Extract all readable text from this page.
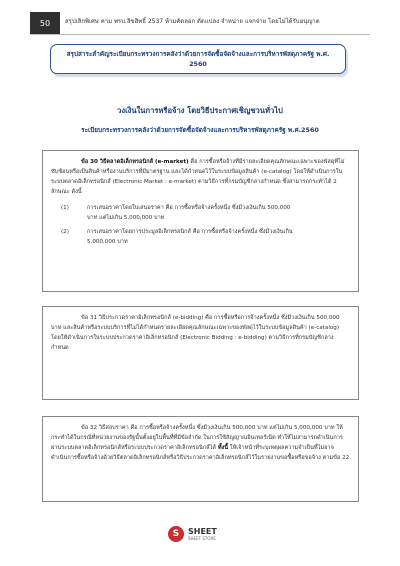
50	สรุปเลิกพิเศษ คาม พรบ.ลิขสิทธิ์ 2537 ห้ามคัดลอก ดัดแปลง จำหน่าย แจกจ่าย โดยไม่ได้รับอนุญาต
สรุปสาระสำคัญระเบียบกระทรวงการคลังว่าด้วยการจัดซื้อจัดจ้างและการบริหารพัสดุภาครัฐ พ.ศ. 2560
วงเงินในการหรือจ้าง โดยวิธีประกาศเชิญชวนทั่วไป
ระเบียบกระทรวงการคลังว่าด้วยการจัดซื้อจัดจ้างและการบริหารพัสดุภาครัฐ พ.ศ.2560

ข้อ 30 วิธีตลาดอิเล็กทรอนิกส์ (e-market) คือ การซื้อหรือจ้างที่มีรายละเอียดคุณลักษณะเฉพาะของพัสดุที่ไม่ซับซ้อนหรือเป็นสินค้าหรืองานบริการที่มีมาตรฐาน และได้กำหนดไว้ในระบบข้อมูลสินค้า (e-catalog) โดยให้ดำเนินการในระบบตลาดอิเล็กทรอนิกส์ (Electronic Market : e-market) ตามวิธีการที่กรมบัญชีกลางกำหนด ซึ่งสามารถกระทำได้ 2 ลักษณะ ดังนี้

(1)	การเสนอราคาโดยใบเสนอราคา คือ การซื้อหรือจ้างครั้งหนึ่ง ซึ่งมีวงเงินเกิน 500,000 บาท แต่ไม่เกิน 5,000,000 บาท
(2)	การเสนอราคาโดยการประมูลอิเล็กทรอนิกส์ คือ การซื้อหรือจ้างครั้งหนึ่ง ซึ่งมีวงเงินเกิน 5,000,000 บาท

ข้อ 31 วิธีประกวดราคาอิเล็กทรอนิกส์ (e-bidding) คือ การซื้อหรือการจ้างครั้งหนึ่ง ซึ่งมีวงเงินเกิน 500,000 บาท และสินค้าหรือระบบบริการที่ไม่ได้กำหนดรายละเอียดคุณลักษณะเฉพาะของพัสดุไว้ในระบบข้อมูลสินค้า (e-catalog) โดยให้ดำเนินการในระบบประกวดราคาอิเล็กทรอนิกส์ (Electronic Bidding : e-bidding) ตามวิธีการที่กรมบัญชีกลางกำหนด

ข้อ 32 วิธีสอบราคา คือ การซื้อหรือจ้างครั้งหนึ่ง ซึ่งมีวงเงินเกิน 500,000 บาท แต่ไม่เกิน 5,000,000 บาท ให้กระทำได้ในกรณีที่หน่วยงานของรัฐนั้นตั้งอยู่ในพื้นที่ที่มีข้อจำกัด ในการใช้สัญญาณอินเทอร์เน็ต ทำให้ไม่สามารถดำเนินการผ่านระบบตลาดอิเล็กทรอนิกส์หรือระบบประกวดราคาอิเล็กทรอนิกส์ได้ ทั้งนี้ ให้เจ้าหน้าที่ระบุเหตุผลความจำเป็นที่ไม่อาจดำเนินการซื้อหรือจ้างด้วยวิธีตลาดอิเล็กทรอนิกส์หรือวิธีประกวดราคาอิเล็กทรอนิกส์ไว้ในรายงานขอซื้อหรือขอจ้าง ตามข้อ 22

S	SHEET
SHEET STORE
